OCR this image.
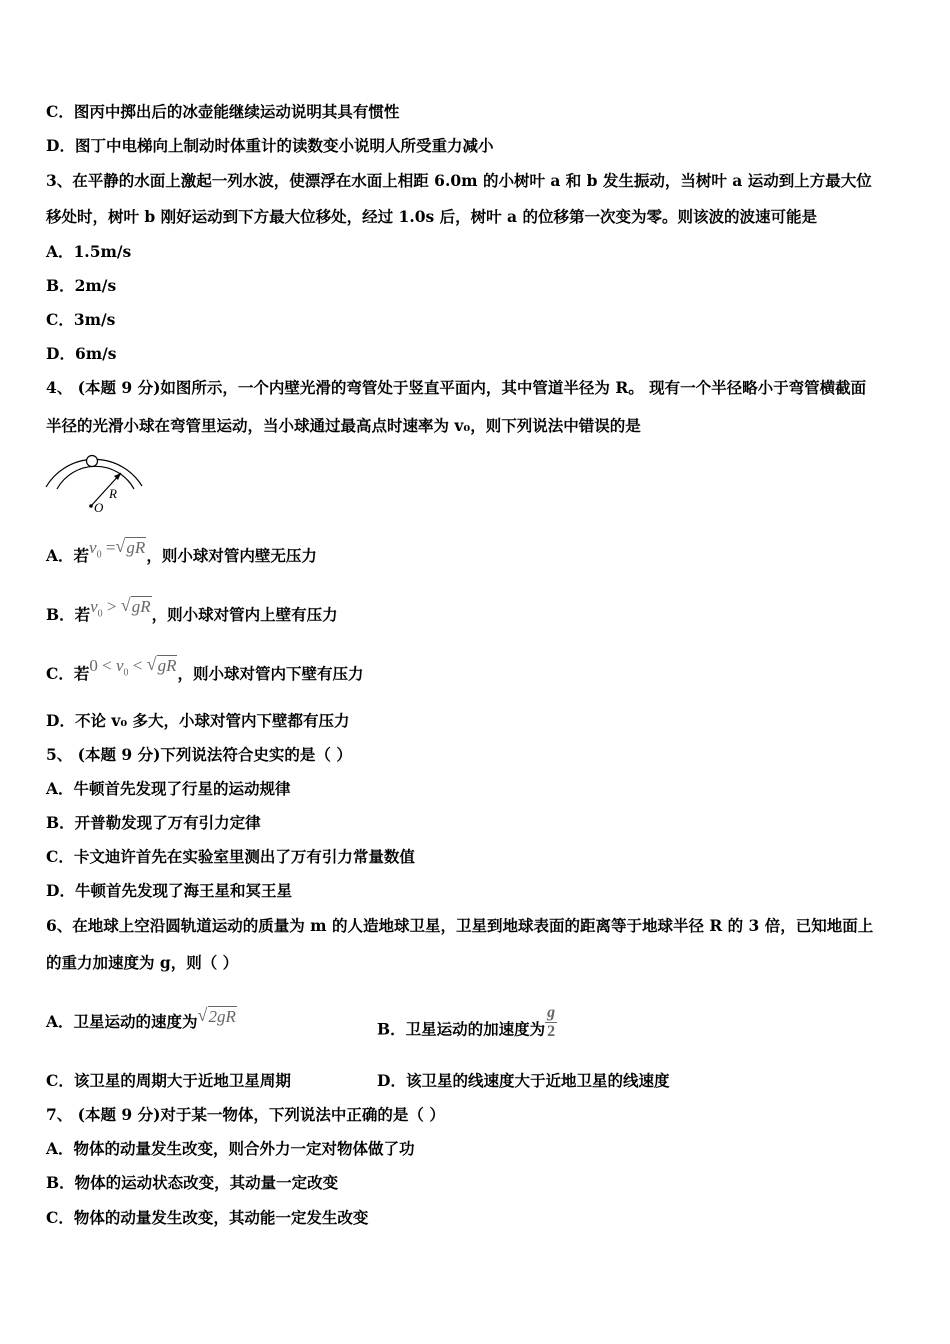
C．图丙中掷出后的冰壶能继续运动说明其具有惯性
D．图丁中电梯向上制动时体重计的读数变小说明人所受重力减小
3、在平静的水面上激起一列水波，使漂浮在水面上相距 6.0m 的小树叶 a 和 b 发生振动，当树叶 a 运动到上方最大位
移处时，树叶 b 刚好运动到下方最大位移处，经过 1.0s 后，树叶 a 的位移第一次变为零。则该波的波速可能是
A．1.5m/s
B．2m/s
C．3m/s
D．6m/s
4、 (本题 9 分)如图所示，一个内壁光滑的弯管处于竖直平面内，其中管道半径为 R。 现有一个半径略小于弯管横截面
半径的光滑小球在弯管里运动，当小球通过最高点时速率为 v₀，则下列说法中错误的是
O
R
A．若$v_0$ = √ gR，则小球对管内壁无压力
B．若$v_0$ > √ gR，则小球对管内上壁有压力
C．若$0 < v_0$ < √ gR，则小球对管内下壁有压力
D．不论 v₀ 多大，小球对管内下壁都有压力
5、 (本题 9 分)下列说法符合史实的是（ ）
A．牛顿首先发现了行星的运动规律
B．开普勒发现了万有引力定律
C．卡文迪许首先在实验室里测出了万有引力常量数值
D．牛顿首先发现了海王星和冥王星
6、在地球上空沿圆轨道运动的质量为 m 的人造地球卫星，卫星到地球表面的距离等于地球半径 R 的 3 倍，已知地面上
的重力加速度为 g，则（ ）
A．卫星运动的速度为 √ 2gR
B．卫星运动的加速度为 $\frac{g}{2}$
C．该卫星的周期大于近地卫星周期	D．该卫星的线速度大于近地卫星的线速度
7、 (本题 9 分)对于某一物体，下列说法中正确的是（ ）
A．物体的动量发生改变，则合外力一定对物体做了功
B．物体的运动状态改变，其动量一定改变
C．物体的动量发生改变，其动能一定发生改变
